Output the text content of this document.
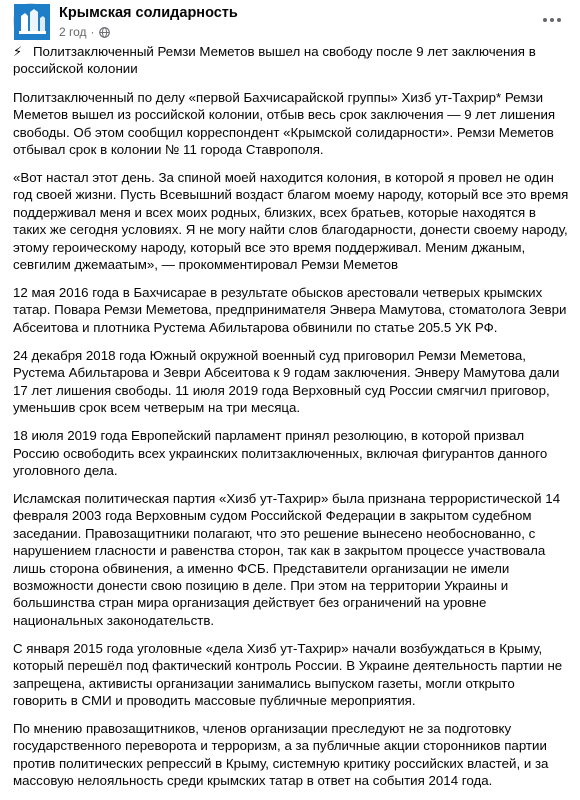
Крымская солидарность
2 год ·

⚡ Политзаключенный Ремзи Меметов вышел на свободу после 9 лет заключения в российской колонии

Политзаключенный по делу «первой Бахчисарайской группы» Хизб ут-Тахрир* Ремзи Меметов вышел из российской колонии, отбыв весь срок заключения — 9 лет лишения свободы. Об этом сообщил корреспондент «Крымской солидарности». Ремзи Меметов отбывал срок в колонии № 11 города Ставрополя.

«Вот настал этот день. За спиной моей находится колония, в которой я провел не один год своей жизни. Пусть Всевышний воздаст благом моему народу, который все это время поддерживал меня и всех моих родных, близких, всех братьев, которые находятся в таких же сегодня условиях. Я не могу найти слов благодарности, донести своему народу, этому героическому народу, который все это время поддерживал. Меним джаным, севгилим джемаатым», — прокомментировал Ремзи Меметов

12 мая 2016 года в Бахчисарае в результате обысков арестовали четверых крымских татар. Повара Ремзи Меметова, предпринимателя Энвера Мамутова, стоматолога Зеври Абсеитова и плотника Рустема Абильтарова обвинили по статье 205.5 УК РФ.

24 декабря 2018 года Южный окружной военный суд приговорил Ремзи Меметова, Рустема Абильтарова и Зеври Абсеитова к 9 годам заключения. Энверу Мамутова дали 17 лет лишения свободы. 11 июля 2019 года Верховный суд России смягчил приговор, уменьшив срок всем четверым на три месяца.

18 июля 2019 года Европейский парламент принял резолюцию, в которой призвал Россию освободить всех украинских политзаключенных, включая фигурантов данного уголовного дела.

Исламская политическая партия «Хизб ут-Тахрир» была признана террористической 14 февраля 2003 года Верховным судом Российской Федерации в закрытом судебном заседании. Правозащитники полагают, что это решение вынесено необоснованно, с нарушением гласности и равенства сторон, так как в закрытом процессе участвовала лишь сторона обвинения, а именно ФСБ. Представители организации не имели возможности донести свою позицию в деле. При этом на территории Украины и большинства стран мира организация действует без ограничений на уровне национальных законодательств.

С января 2015 года уголовные «дела Хизб ут-Тахрир» начали возбуждаться в Крыму, который перешёл под фактический контроль России. В Украине деятельность партии не запрещена, активисты организации занимались выпуском газеты, могли открыто говорить в СМИ и проводить массовые публичные мероприятия.

По мнению правозащитников, членов организации преследуют не за подготовку государственного переворота и терроризм, а за публичные акции сторонников партии против политических репрессий в Крыму, системную критику российских властей, и за массовую нелояльность среди крымских татар в ответ на события 2014 года.
